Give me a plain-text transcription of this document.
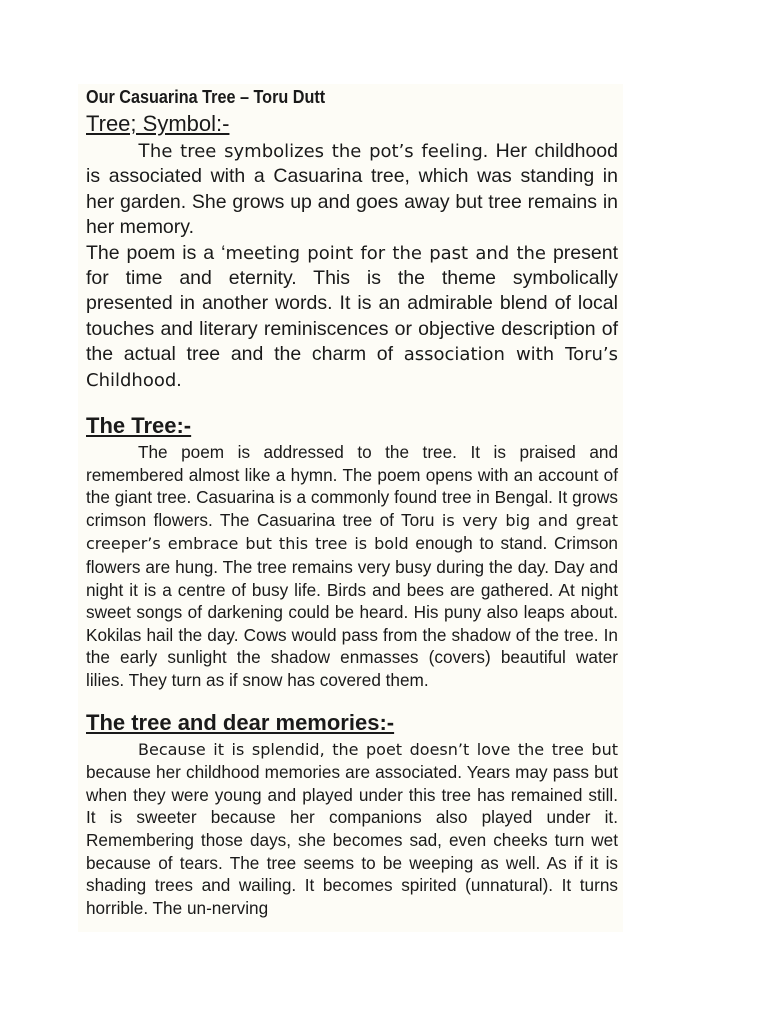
Our Casuarina Tree – Toru Dutt

Tree; Symbol:-

The tree symbolizes the pot’s feeling. Her childhood is associated with a Casuarina tree, which was standing in her garden. She grows up and goes away but tree remains in her memory.

The poem is a ‘meeting point for the past and the present for time and eternity. This is the theme symbolically presented in another words. It is an admirable blend of local touches and literary reminiscences or objective description of the actual tree and the charm of association with Toru’s Childhood.

The Tree:-

The poem is addressed to the tree. It is praised and remembered almost like a hymn. The poem opens with an account of the giant tree. Casuarina is a commonly found tree in Bengal. It grows crimson flowers. The Casuarina tree of Toru is very big and great creeper’s embrace but this tree is bold enough to stand. Crimson flowers are hung. The tree remains very busy during the day. Day and night it is a centre of busy life. Birds and bees are gathered. At night sweet songs of darkening could be heard. His puny also leaps about. Kokilas hail the day. Cows would pass from the shadow of the tree. In the early sunlight the shadow enmasses (covers) beautiful water lilies. They turn as if snow has covered them.

The tree and dear memories:-

Because it is splendid, the poet doesn’t love the tree but because her childhood memories are associated. Years may pass but when they were young and played under this tree has remained still. It is sweeter because her companions also played under it. Remembering those days, she becomes sad, even cheeks turn wet because of tears. The tree seems to be weeping as well. As if it is shading trees and wailing. It becomes spirited (unnatural). It turns horrible. The un-nerving
